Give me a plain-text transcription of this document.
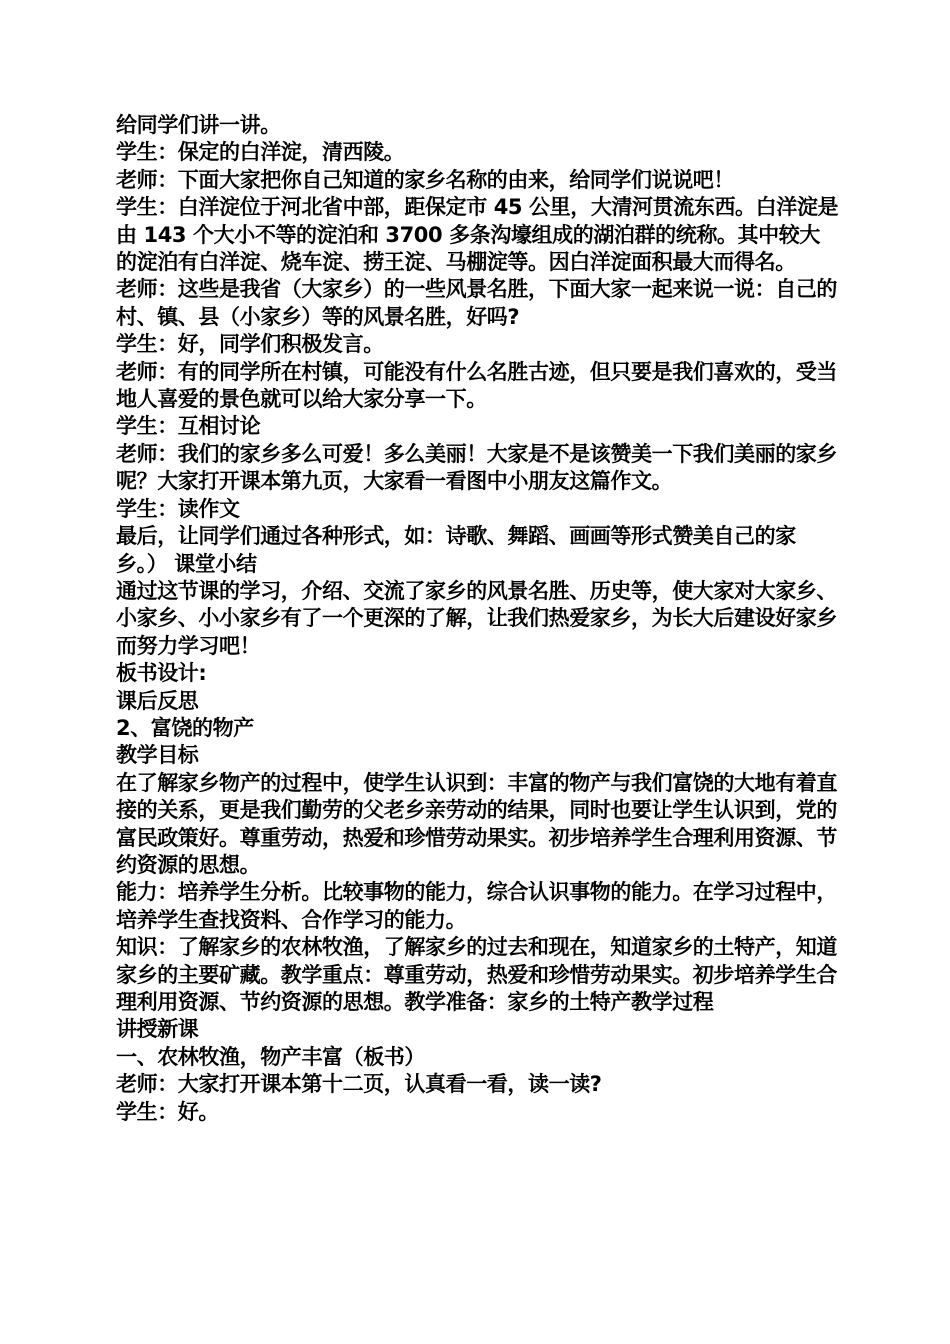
给同学们讲一讲。

学生：保定的白洋淀，清西陵。

老师：下面大家把你自己知道的家乡名称的由来，给同学们说说吧！

学生：白洋淀位于河北省中部，距保定市 45 公里，大清河贯流东西。白洋淀是由 143 个大小不等的淀泊和 3700 多条沟壕组成的湖泊群的统称。其中较大的淀泊有白洋淀、烧车淀、捞王淀、马棚淀等。因白洋淀面积最大而得名。

老师：这些是我省（大家乡）的一些风景名胜，下面大家一起来说一说：自己的村、镇、县（小家乡）等的风景名胜，好吗?

学生：好，同学们积极发言。

老师：有的同学所在村镇，可能没有什么名胜古迹，但只要是我们喜欢的，受当地人喜爱的景色就可以给大家分享一下。

学生：互相讨论

老师：我们的家乡多么可爱！多么美丽！大家是不是该赞美一下我们美丽的家乡呢？大家打开课本第九页，大家看一看图中小朋友这篇作文。

学生：读作文

最后，让同学们通过各种形式，如：诗歌、舞蹈、画画等形式赞美自己的家乡。） 课堂小结

通过这节课的学习，介绍、交流了家乡的风景名胜、历史等，使大家对大家乡、小家乡、小小家乡有了一个更深的了解，让我们热爱家乡，为长大后建设好家乡而努力学习吧！

板书设计:

课后反思

2、富饶的物产

教学目标

在了解家乡物产的过程中，使学生认识到：丰富的物产与我们富饶的大地有着直接的关系，更是我们勤劳的父老乡亲劳动的结果，同时也要让学生认识到，党的富民政策好。尊重劳动，热爱和珍惜劳动果实。初步培养学生合理利用资源、节约资源的思想。

能力：培养学生分析。比较事物的能力，综合认识事物的能力。在学习过程中，培养学生查找资料、合作学习的能力。

知识：了解家乡的农林牧渔，了解家乡的过去和现在，知道家乡的土特产，知道家乡的主要矿藏。教学重点：尊重劳动，热爱和珍惜劳动果实。初步培养学生合理利用资源、节约资源的思想。教学准备：家乡的土特产教学过程

讲授新课

一、农林牧渔，物产丰富（板书）

老师：大家打开课本第十二页，认真看一看，读一读?

学生：好。
